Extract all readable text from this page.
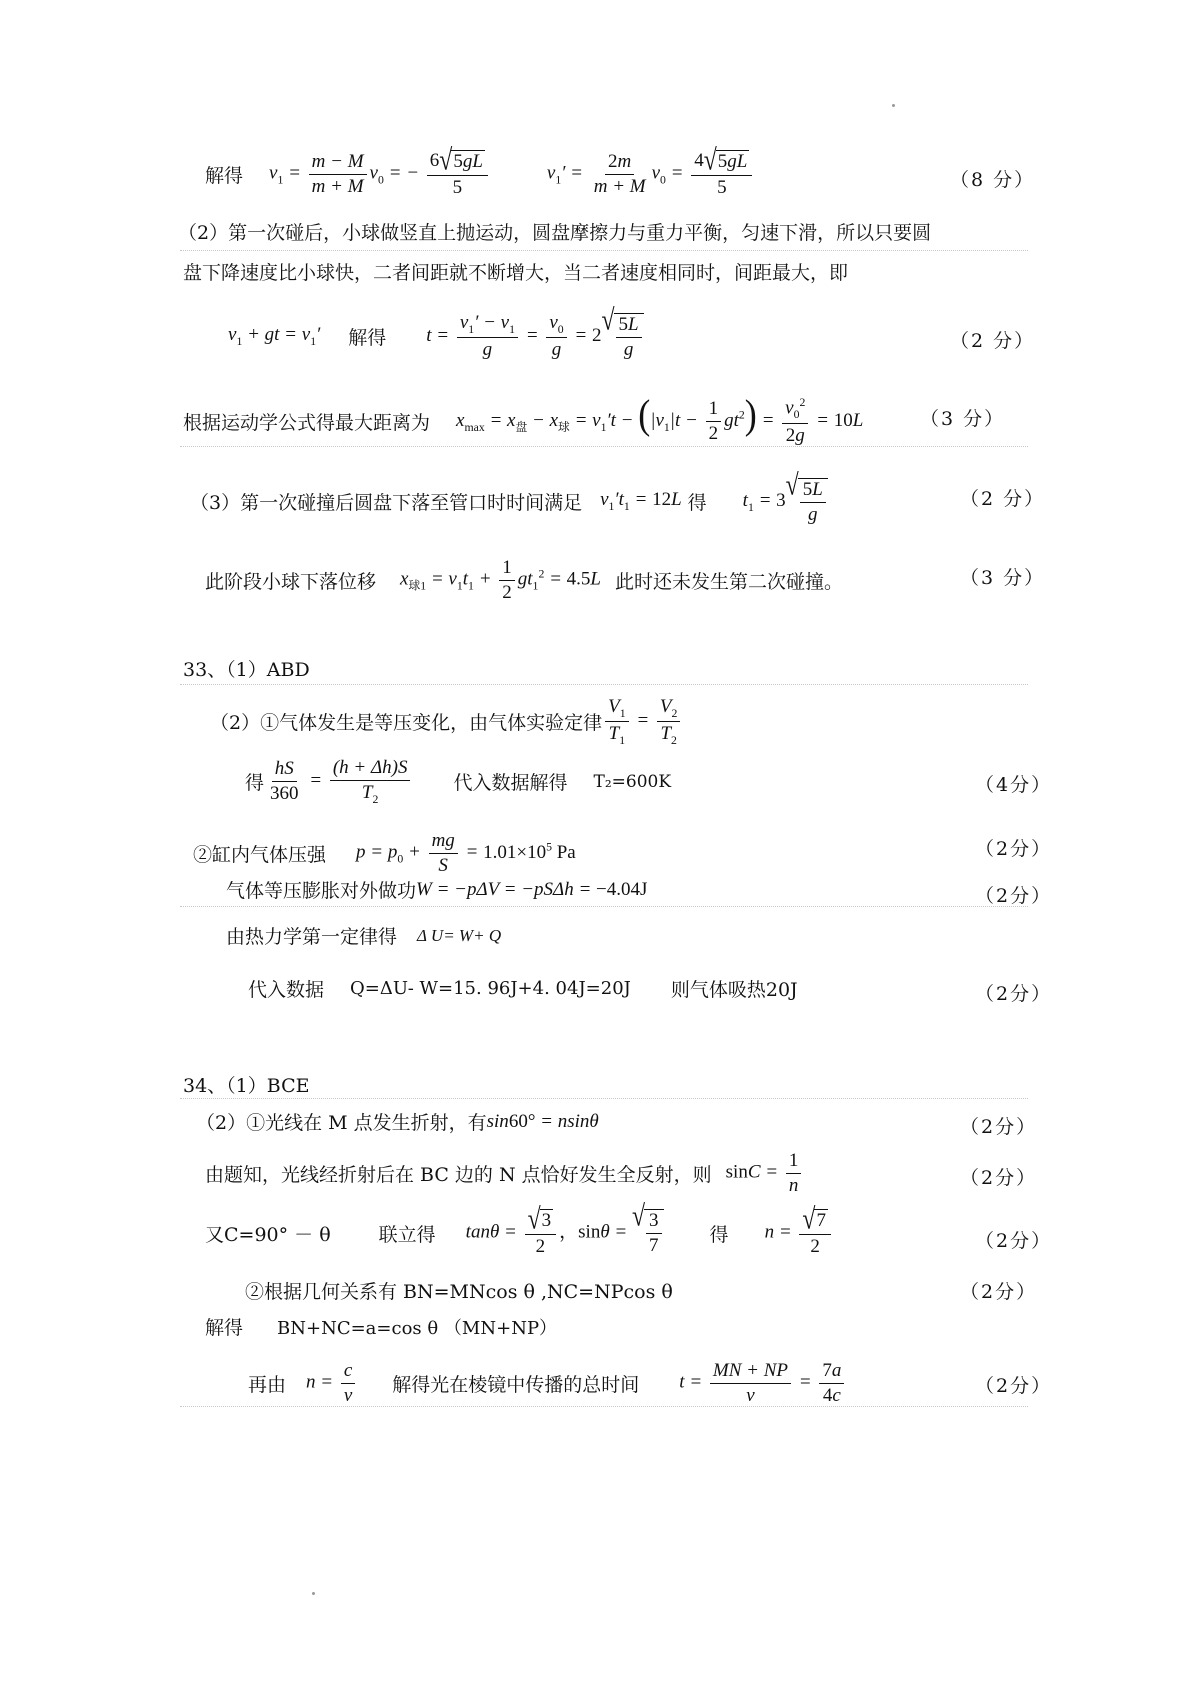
解得 $v_1 = \frac{m - M}{m + M} v_0$ = − $\frac{6 √ 5 gL}{5}$	$v_1' = \frac{2m}{m + M} v_0 = \frac{4 √ 5 gL}{5}$	（8 分）
（2）第一次碰后，小球做竖直上抛运动，圆盘摩擦力与重力平衡，匀速下滑，所以只要圆
盘下降速度比小球快，二者间距就不断增大，当二者速度相同时，间距最大，即
$v_1$ + gt = $v_1'$ 解得 $t = \frac{v_1' - v_1}{g} = \frac{v_0}{g} = 2$ √ $\frac{5L}{g}$	（2 分）
根据运动学公式得最大距离为 $x_{max} = x_盘 - x_球 = v_1't - (|v_1|t - \frac{1}{2} gt^2) = \frac{v_0^2}{2g} = 10L$	（3 分）
（3）第一次碰撞后圆盘下落至管口时时间满足 $v_1't_1 = 12L$ 得 $t_1 = 3$ √ $\frac{5L}{g}$	（2 分）
此阶段小球下落位移 $x_{球1} = v_1t_1 + \frac{1}{2} gt_1^2 = 4.5L$ 此时还未发生第二次碰撞。	（3 分）
33、（1）ABD
（2）①气体发生是等压变化，由气体实验定律 $\frac{V_1}{T_1} = \frac{V_2}{T_2}$
得 $\frac{hS}{360} = \frac{(h + \Delta h)S}{T_2}$ 代入数据解得 T₂=600K	（4分）
②缸内气体压强 $p = p_0 + \frac{mg}{S} = 1.01\times 10^5$ Pa	（2分）
气体等压膨胀对外做功 W = −pΔV = −pSΔh = −4.04J	（2分）
由热力学第一定律得 Δ U= W+ Q
代入数据 Q=ΔU- W=15. 96J+4. 04J=20J 则气体吸热20J	（2分）
34、（1）BCE
（2）①光线在 M 点发生折射，有 sin60° = nsinθ	（2分）
由题知，光线经折射后在 BC 边的 N 点恰好发生全反射，则 $\sin C = \frac{1}{n}$	（2分）
又C=90° － θ	联立得 $\tan\theta = \frac{√ 3}{2}$ ，sinθ = √ $\frac{3}{7}$	得 $n = \frac{√ 7}{2}$	（2分）
②根据几何关系有 BN=MNcos θ ,NC=NPcos θ	（2分）
解得 BN+NC=a=cos θ （MN+NP）
再由 $n = \frac{c}{v}$ 解得光在棱镜中传播的总时间 $t = \frac{MN + NP}{v} = \frac{7a}{4c}$	（2分）
